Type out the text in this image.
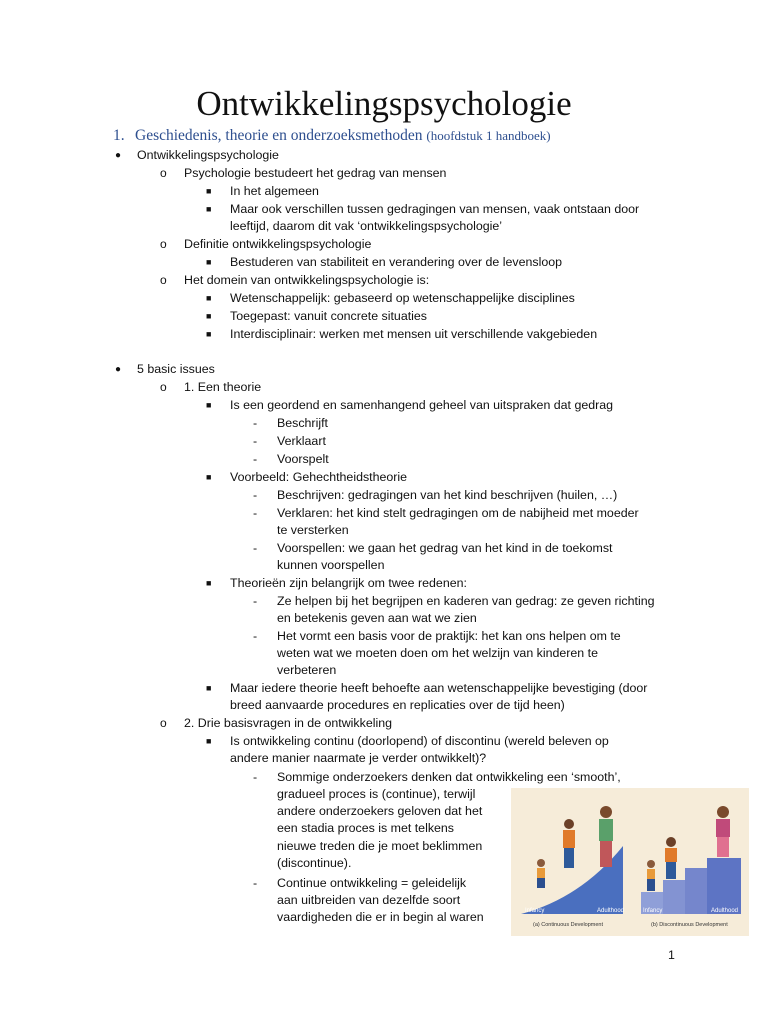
Ontwikkelingspsychologie
1. Geschiedenis, theorie en onderzoeksmethoden (hoofdstuk 1 handboek)
● Ontwikkelingspsychologie
o Psychologie bestudeert het gedrag van mensen
■ In het algemeen
■ Maar ook verschillen tussen gedragingen van mensen, vaak ontstaan door
leeftijd, daarom dit vak ‘ontwikkelingspsychologie’
o Definitie ontwikkelingspsychologie
■ Bestuderen van stabiliteit en verandering over de levensloop
o Het domein van ontwikkelingspsychologie is:
■ Wetenschappelijk: gebaseerd op wetenschappelijke disciplines
■ Toegepast: vanuit concrete situaties
■ Interdisciplinair: werken met mensen uit verschillende vakgebieden
● 5 basic issues
o 1. Een theorie
■ Is een geordend en samenhangend geheel van uitspraken dat gedrag
- Beschrijft
- Verklaart
- Voorspelt
■ Voorbeeld: Gehechtheidstheorie
- Beschrijven: gedragingen van het kind beschrijven (huilen, …)
- Verklaren: het kind stelt gedragingen om de nabijheid met moeder
te versterken
- Voorspellen: we gaan het gedrag van het kind in de toekomst
kunnen voorspellen
■ Theorieën zijn belangrijk om twee redenen:
- Ze helpen bij het begrijpen en kaderen van gedrag: ze geven richting
en betekenis geven aan wat we zien
- Het vormt een basis voor de praktijk: het kan ons helpen om te
weten wat we moeten doen om het welzijn van kinderen te
verbeteren
■ Maar iedere theorie heeft behoefte aan wetenschappelijke bevestiging (door
breed aanvaarde procedures en replicaties over de tijd heen)
o 2. Drie basisvragen in de ontwikkeling
■ Is ontwikkeling continu (doorlopend) of discontinu (wereld beleven op
andere manier naarmate je verder ontwikkelt)?
- Sommige onderzoekers denken dat ontwikkeling een ‘smooth’,
gradueel proces is (continue), terwijl
andere onderzoekers geloven dat het
een stadia proces is met telkens
nieuwe treden die je moet beklimmen
(discontinue).
- Continue ontwikkeling = geleidelijk
aan uitbreiden van dezelfde soort
vaardigheden die er in begin al waren	Infancy	Adulthood	Infancy	Adulthood
(a) Continuous Development	(b) Discontinuous Development
1
